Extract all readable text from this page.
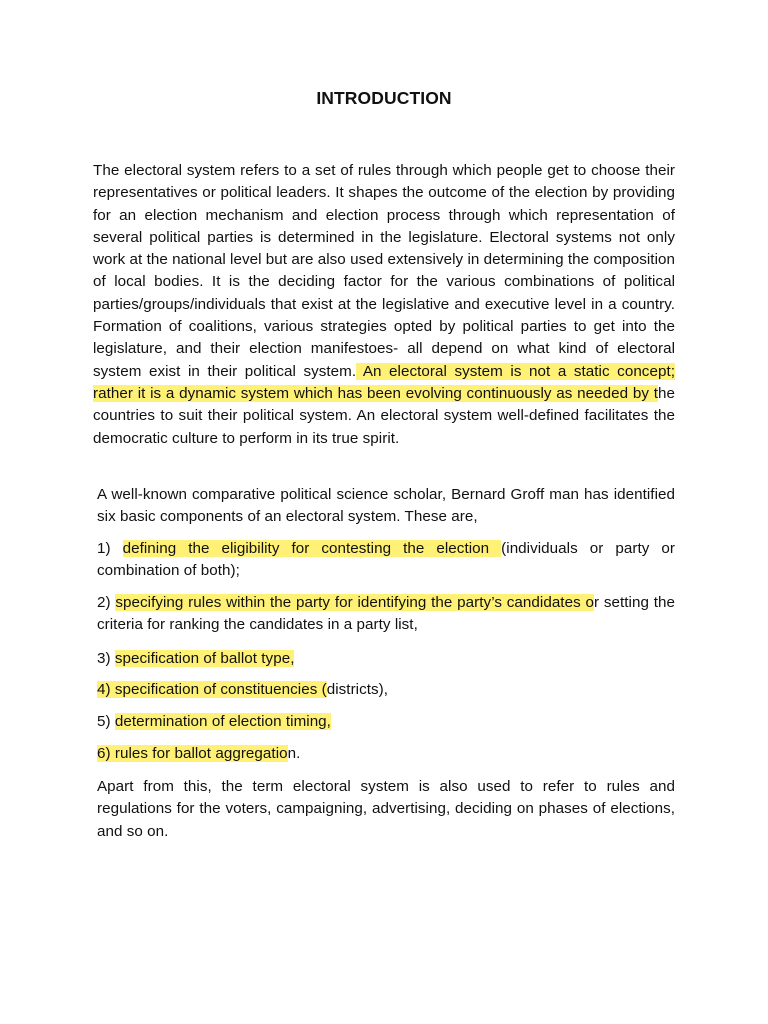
INTRODUCTION
The electoral system refers to a set of rules through which people get to choose their representatives or political leaders. It shapes the outcome of the election by providing for an election mechanism and election process through which representation of several political parties is determined in the legislature. Electoral systems not only work at the national level but are also used extensively in determining the composition of local bodies. It is the deciding factor for the various combinations of political parties/groups/individuals that exist at the legislative and executive level in a country. Formation of coalitions, various strategies opted by political parties to get into the legislature, and their election manifestoes- all depend on what kind of electoral system exist in their political system. An electoral system is not a static concept; rather it is a dynamic system which has been evolving continuously as needed by the countries to suit their political system. An electoral system well-defined facilitates the democratic culture to perform in its true spirit.
A well-known comparative political science scholar, Bernard Groff man has identified six basic components of an electoral system. These are,
1) defining the eligibility for contesting the election (individuals or party or combination of both);
2) specifying rules within the party for identifying the party’s candidates or setting the criteria for ranking the candidates in a party list,
3) specification of ballot type,
4) specification of constituencies (districts),
5) determination of election timing,
6) rules for ballot aggregation.
Apart from this, the term electoral system is also used to refer to rules and regulations for the voters, campaigning, advertising, deciding on phases of elections, and so on.
